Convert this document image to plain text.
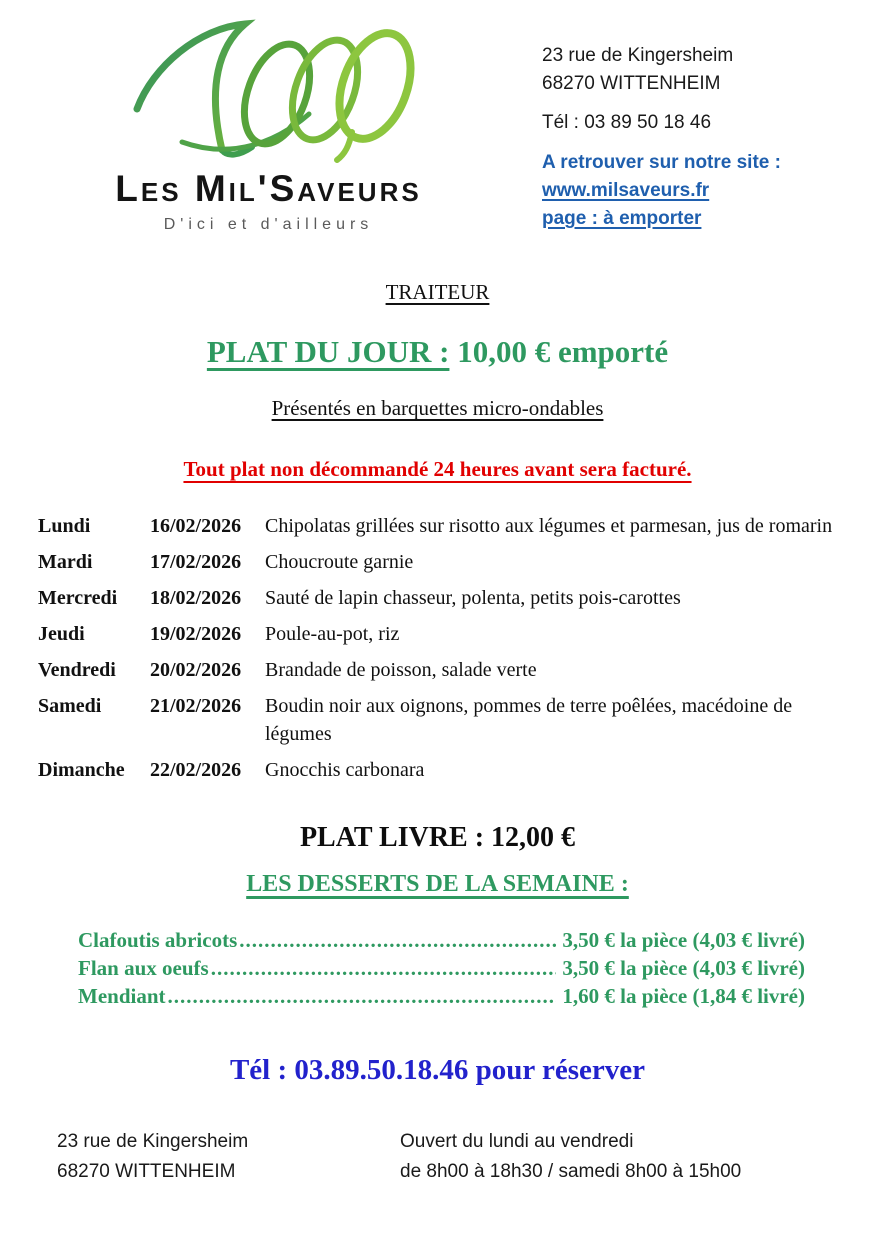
Les Mil'Saveurs
D'ici et d'ailleurs
23 rue de Kingersheim
68270 WITTENHEIM
Tél : 03 89 50 18 46
A retrouver sur notre site :
www.milsaveurs.fr
page : à emporter
TRAITEUR
PLAT DU JOUR : 10,00 € emporté
Présentés en barquettes micro-ondables
Tout plat non décommandé 24 heures avant sera facturé.
Lundi	16/02/2026	Chipolatas grillées sur risotto aux légumes et parmesan, jus de romarin
Mardi	17/02/2026	Choucroute garnie
Mercredi	18/02/2026	Sauté de lapin chasseur, polenta, petits pois-carottes
Jeudi	19/02/2026	Poule-au-pot, riz
Vendredi	20/02/2026	Brandade de poisson, salade verte
Samedi	21/02/2026	Boudin noir aux oignons, pommes de terre poêlées, macédoine de légumes
Dimanche	22/02/2026	Gnocchis carbonara
PLAT LIVRE : 12,00 €
LES DESSERTS DE LA SEMAINE :
Clafoutis abricots .....	3,50 € la pièce (4,03 € livré)
Flan aux oeufs .....	3,50 € la pièce (4,03 € livré)
Mendiant .....	1,60 € la pièce (1,84 € livré)
Tél : 03.89.50.18.46 pour réserver
23 rue de Kingersheim
68270 WITTENHEIM
Ouvert du lundi au vendredi
de 8h00 à 18h30 / samedi 8h00 à 15h00
